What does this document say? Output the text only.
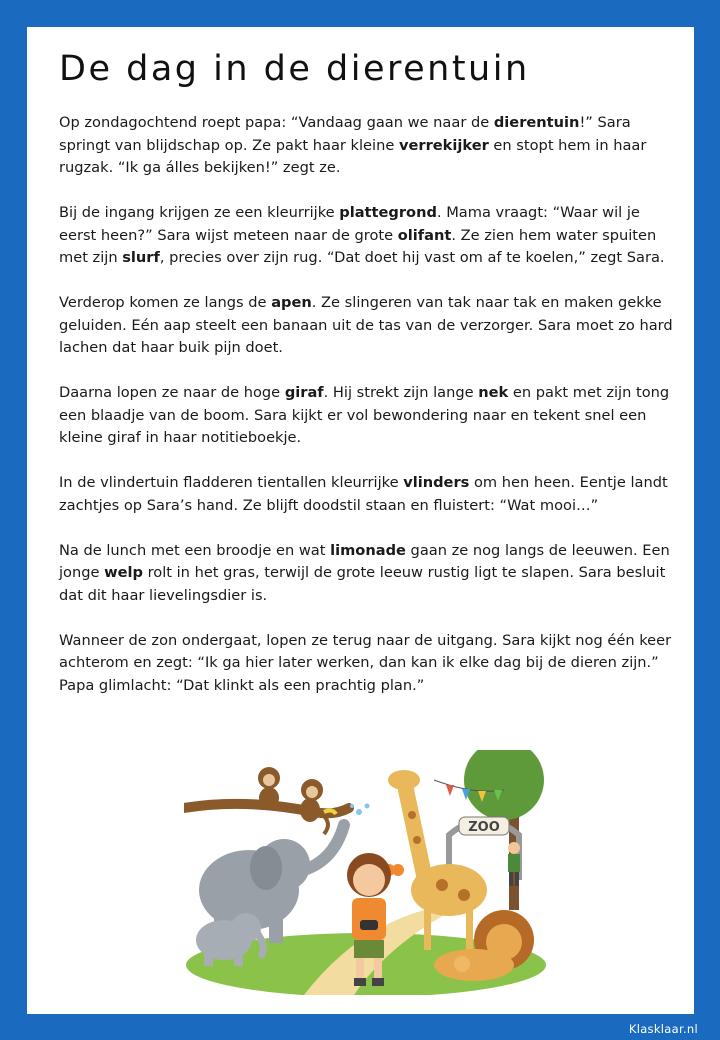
De dag in de dierentuin

Op zondagochtend roept papa: “Vandaag gaan we naar de dierentuin!” Sara springt van blijdschap op. Ze pakt haar kleine verrekijker en stopt hem in haar rugzak. “Ik ga álles bekijken!” zegt ze.

Bij de ingang krijgen ze een kleurrijke plattegrond. Mama vraagt: “Waar wil je eerst heen?” Sara wijst meteen naar de grote olifant. Ze zien hem water spuiten met zijn slurf, precies over zijn rug. “Dat doet hij vast om af te koelen,” zegt Sara.

Verderop komen ze langs de apen. Ze slingeren van tak naar tak en maken gekke geluiden. Eén aap steelt een banaan uit de tas van de verzorger. Sara moet zo hard lachen dat haar buik pijn doet.

Daarna lopen ze naar de hoge giraf. Hij strekt zijn lange nek en pakt met zijn tong een blaadje van de boom. Sara kijkt er vol bewondering naar en tekent snel een kleine giraf in haar notitieboekje.

In de vlindertuin fladderen tientallen kleurrijke vlinders om hen heen. Eentje landt zachtjes op Sara’s hand. Ze blijft doodstil staan en fluistert: “Wat mooi…”

Na de lunch met een broodje en wat limonade gaan ze nog langs de leeuwen. Een jonge welp rolt in het gras, terwijl de grote leeuw rustig ligt te slapen. Sara besluit dat dit haar lievelingsdier is.

Wanneer de zon ondergaat, lopen ze terug naar de uitgang. Sara kijkt nog één keer achterom en zegt: “Ik ga hier later werken, dan kan ik elke dag bij de dieren zijn.” Papa glimlacht: “Dat klinkt als een prachtig plan.”

ZOO
Klasklaar.nl
